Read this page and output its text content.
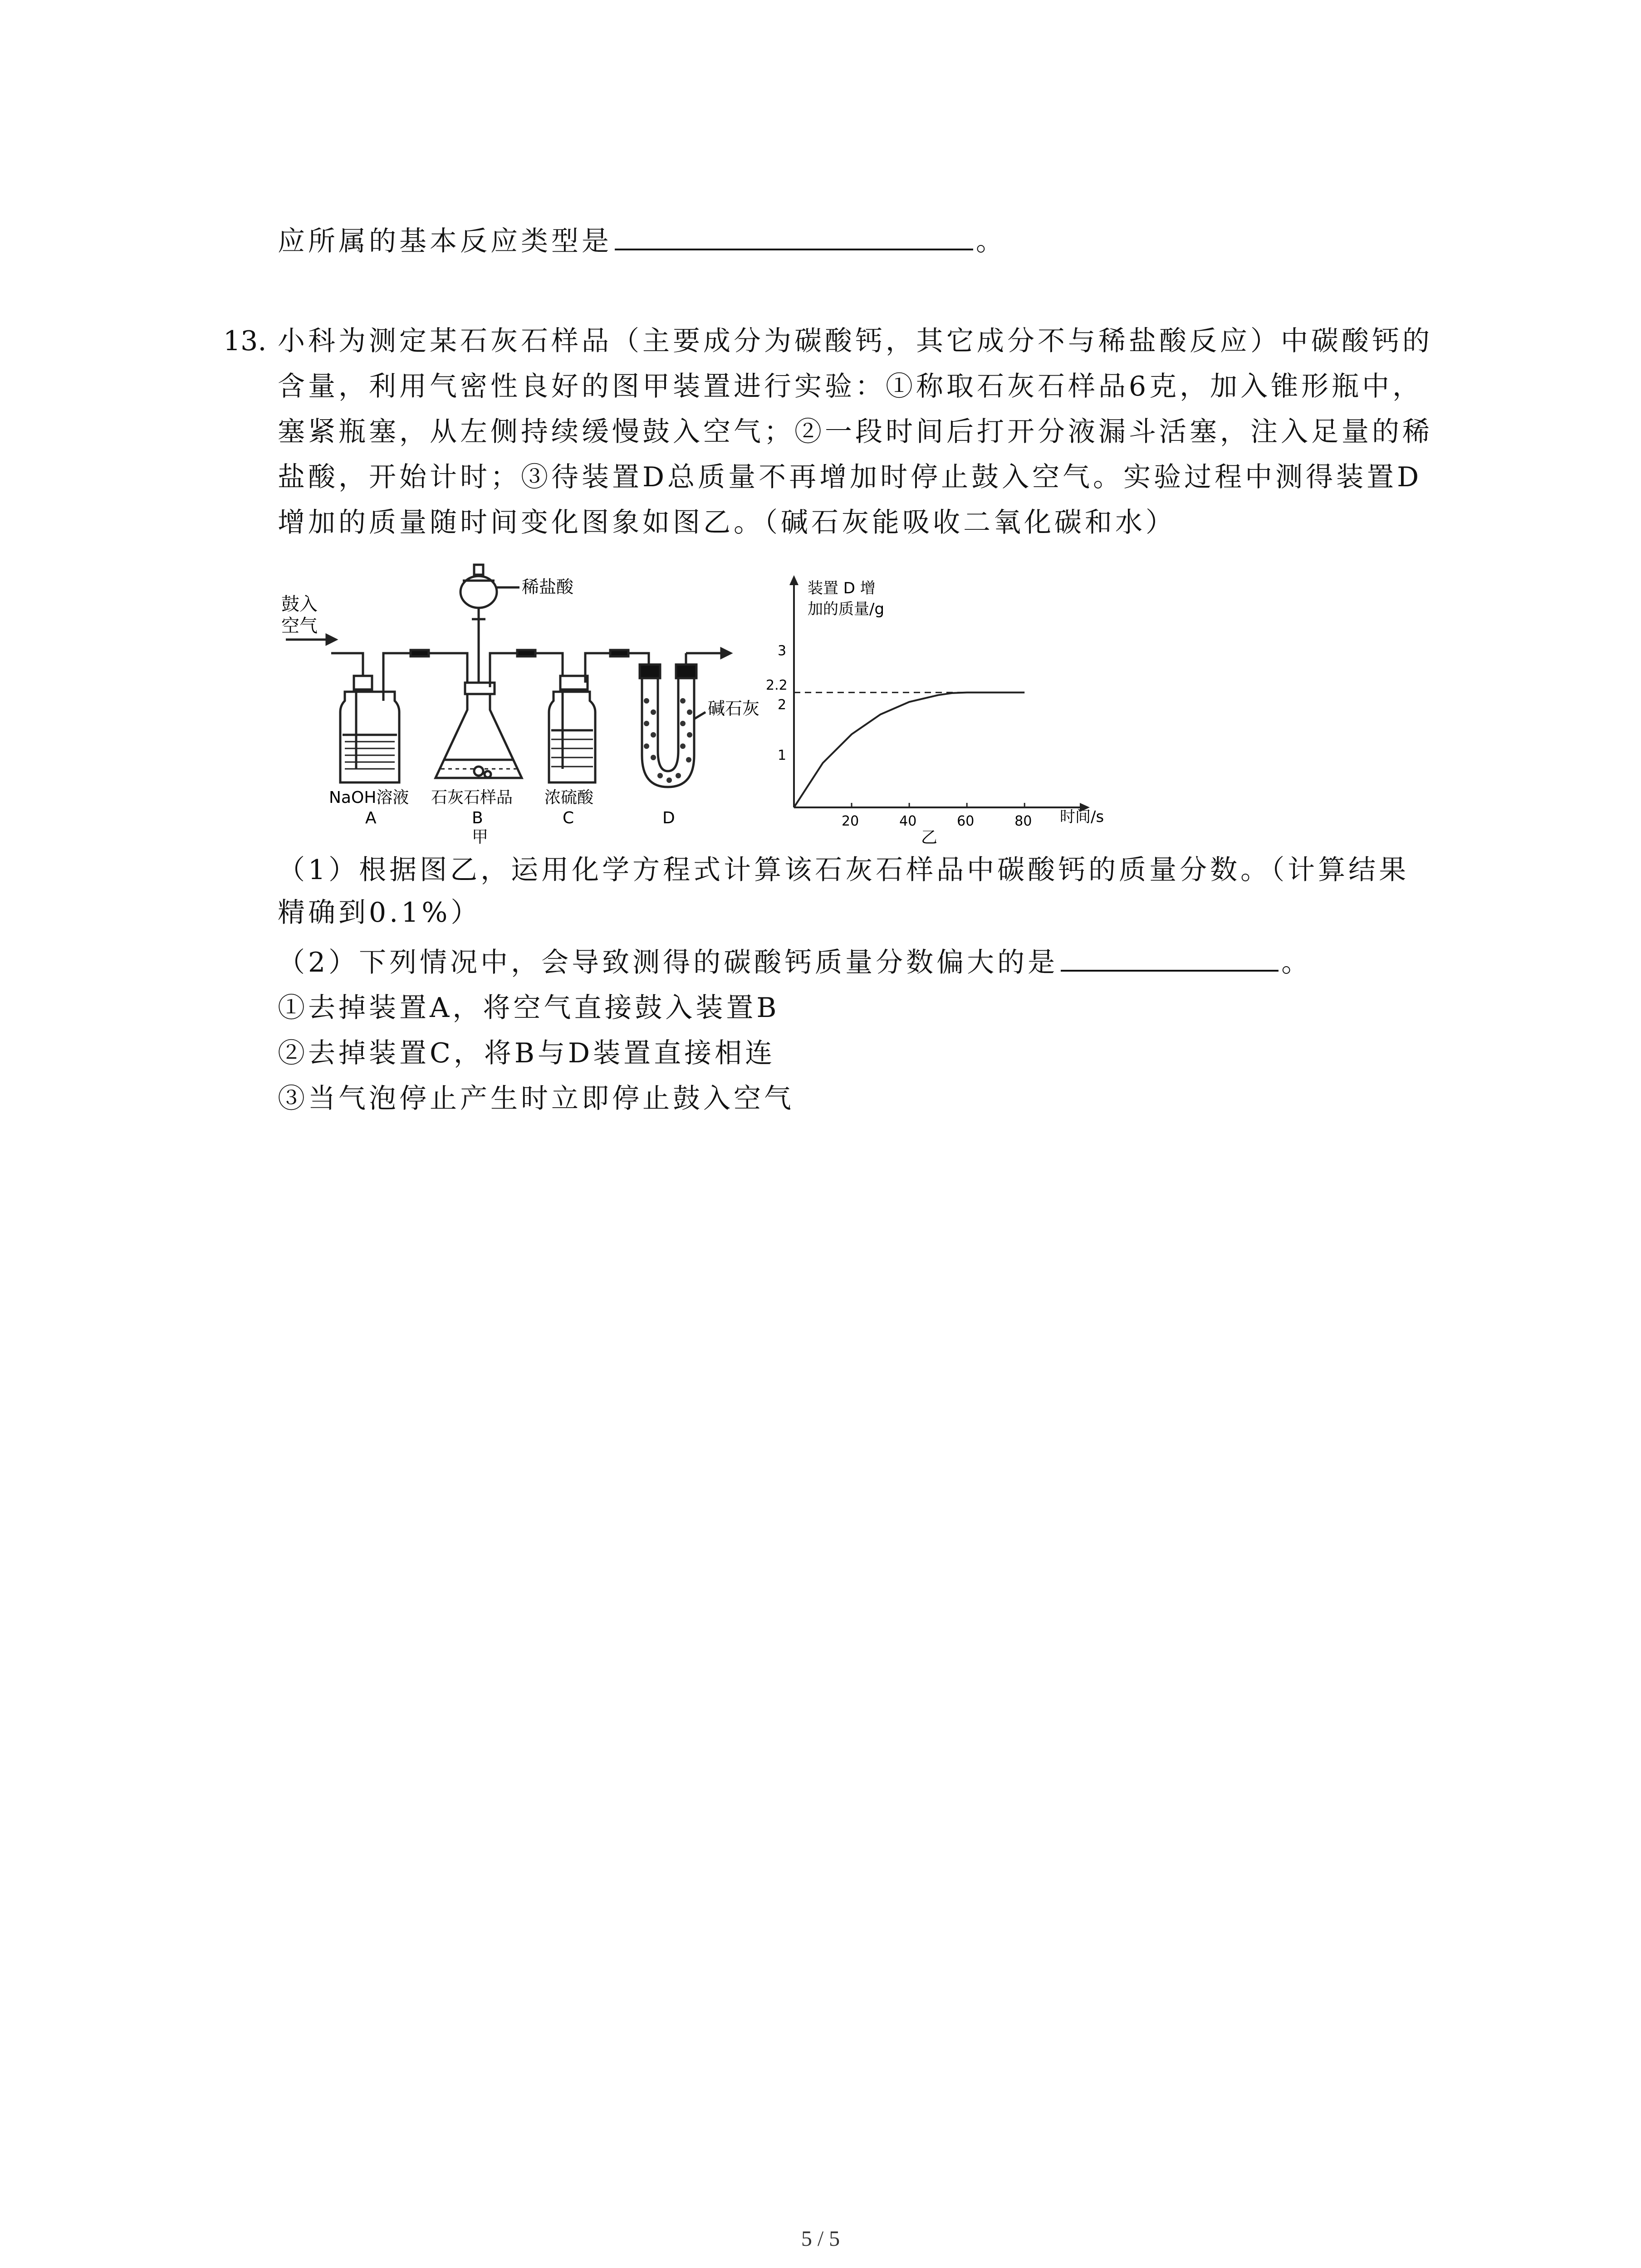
应所属的基本反应类型是	。
13. 小科为测定某石灰石样品（主要成分为碳酸钙，其它成分不与稀盐酸反应）中碳酸钙的
含量，利用气密性良好的图甲装置进行实验：①称取石灰石样品6克，加入锥形瓶中，
塞紧瓶塞，从左侧持续缓慢鼓入空气；②一段时间后打开分液漏斗活塞，注入足量的稀
盐酸，开始计时；③待装置D总质量不再增加时停止鼓入空气。实验过程中测得装置D
增加的质量随时间变化图象如图乙。（碱石灰能吸收二氧化碳和水）
鼓入
空气
稀盐酸
碱石灰
NaOH溶液 石灰石样品 浓硫酸
A	B	C	D
甲
装置 D 增
加的质量/g
时间/s
乙
20	40	60	80
1
2
2.2
3
（1）根据图乙，运用化学方程式计算该石灰石样品中碳酸钙的质量分数。（计算结果
精确到0.1%）
（2）下列情况中，会导致测得的碳酸钙质量分数偏大的是	。
①去掉装置A，将空气直接鼓入装置B
②去掉装置C，将B与D装置直接相连
③当气泡停止产生时立即停止鼓入空气
5 / 5
